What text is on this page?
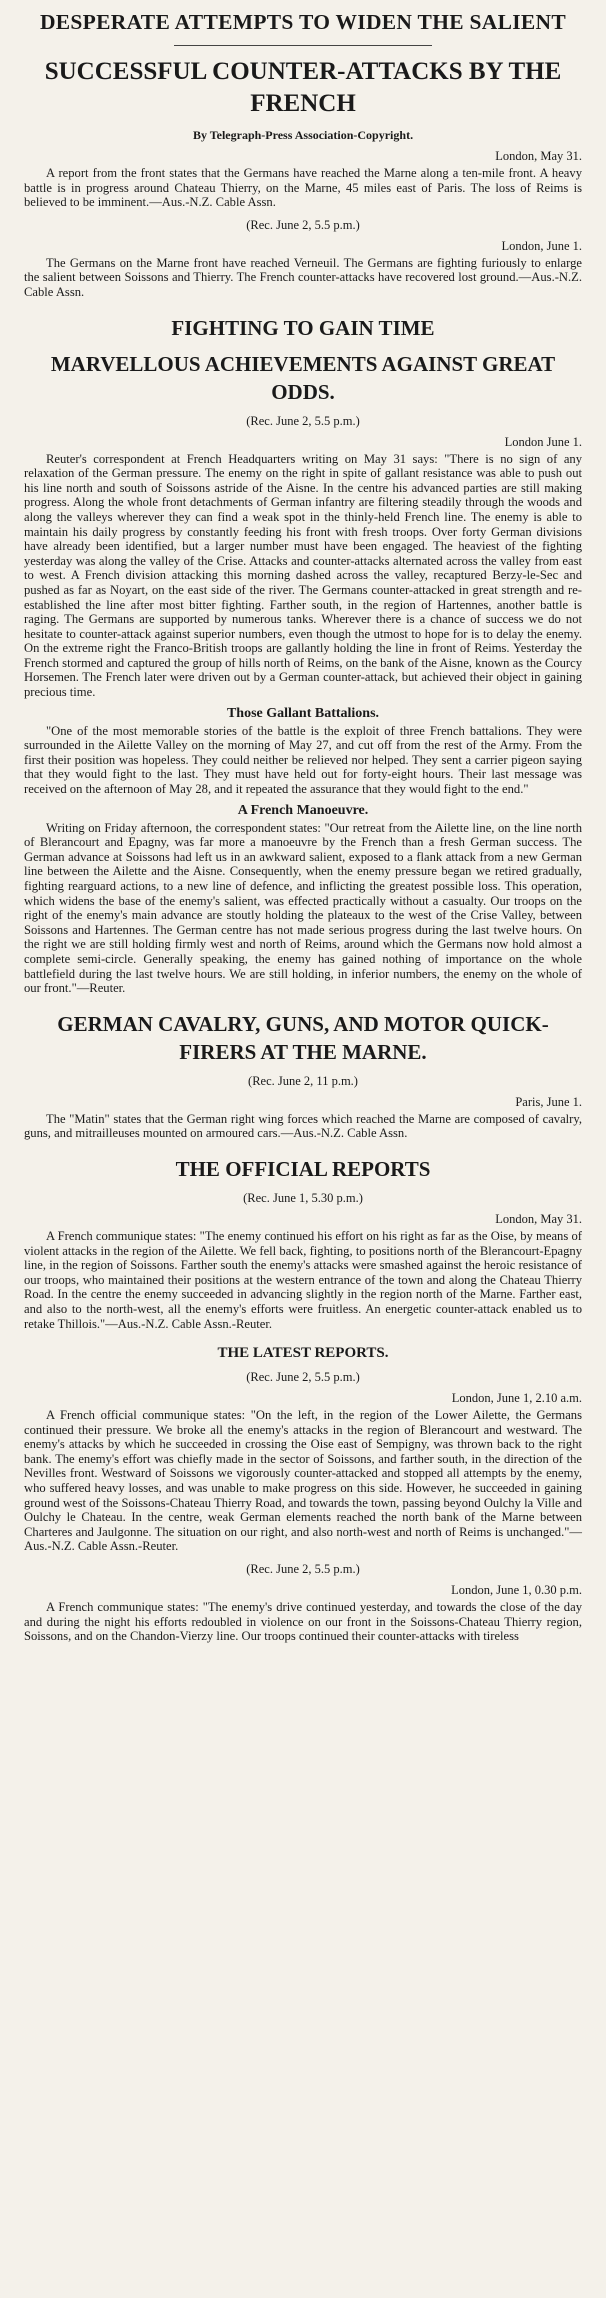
DESPERATE ATTEMPTS TO WIDEN THE SALIENT
SUCCESSFUL COUNTER-ATTACKS BY THE FRENCH
By Telegraph-Press Association-Copyright.
London, May 31.

A report from the front states that the Germans have reached the Marne along a ten-mile front. A heavy battle is in progress around Chateau Thierry, on the Marne, 45 miles east of Paris. The loss of Reims is believed to be imminent.—Aus.-N.Z. Cable Assn.

(Rec. June 2, 5.5 p.m.)
London, June 1.

The Germans on the Marne front have reached Verneuil. The Germans are fighting furiously to enlarge the salient between Soissons and Thierry. The French counter-attacks have recovered lost ground.—Aus.-N.Z. Cable Assn.

FIGHTING TO GAIN TIME
MARVELLOUS ACHIEVEMENTS AGAINST GREAT ODDS.
(Rec. June 2, 5.5 p.m.)
London June 1.

Reuter's correspondent at French Headquarters writing on May 31 says: "There is no sign of any relaxation of the German pressure. The enemy on the right in spite of gallant resistance was able to push out his line north and south of Soissons astride of the Aisne. In the centre his advanced parties are still making progress. Along the whole front detachments of German infantry are filtering steadily through the woods and along the valleys wherever they can find a weak spot in the thinly-held French line. The enemy is able to maintain his daily progress by constantly feeding his front with fresh troops. Over forty German divisions have already been identified, but a larger number must have been engaged. The heaviest of the fighting yesterday was along the valley of the Crise. Attacks and counter-attacks alternated across the valley from east to west. A French division attacking this morning dashed across the valley, recaptured Berzy-le-Sec and pushed as far as Noyart, on the east side of the river. The Germans counter-attacked in great strength and re-established the line after most bitter fighting. Farther south, in the region of Hartennes, another battle is raging. The Germans are supported by numerous tanks. Wherever there is a chance of success we do not hesitate to counter-attack against superior numbers, even though the utmost to hope for is to delay the enemy. On the extreme right the Franco-British troops are gallantly holding the line in front of Reims. Yesterday the French stormed and captured the group of hills north of Reims, on the bank of the Aisne, known as the Courcy Horsemen. The French later were driven out by a German counter-attack, but achieved their object in gaining precious time.

Those Gallant Battalions.

"One of the most memorable stories of the battle is the exploit of three French battalions. They were surrounded in the Ailette Valley on the morning of May 27, and cut off from the rest of the Army. From the first their position was hopeless. They could neither be relieved nor helped. They sent a carrier pigeon saying that they would fight to the last. They must have held out for forty-eight hours. Their last message was received on the afternoon of May 28, and it repeated the assurance that they would fight to the end."

A French Manoeuvre.

Writing on Friday afternoon, the correspondent states: "Our retreat from the Ailette line, on the line north of Blerancourt and Epagny, was far more a manoeuvre by the French than a fresh German success. The German advance at Soissons had left us in an awkward salient, exposed to a flank attack from a new German line between the Ailette and the Aisne. Consequently, when the enemy pressure began we retired gradually, fighting rearguard actions, to a new line of defence, and inflicting the greatest possible loss. This operation, which widens the base of the enemy's salient, was effected practically without a casualty. Our troops on the right of the enemy's main advance are stoutly holding the plateaux to the west of the Crise Valley, between Soissons and Hartennes. The German centre has not made serious progress during the last twelve hours. On the right we are still holding firmly west and north of Reims, around which the Germans now hold almost a complete semi-circle. Generally speaking, the enemy has gained nothing of importance on the whole battlefield during the last twelve hours. We are still holding, in inferior numbers, the enemy on the whole of our front."—Reuter.

GERMAN CAVALRY, GUNS, AND MOTOR QUICK-FIRERS AT THE MARNE.
(Rec. June 2, 11 p.m.)
Paris, June 1.

The "Matin" states that the German right wing forces which reached the Marne are composed of cavalry, guns, and mitrailleuses mounted on armoured cars.—Aus.-N.Z. Cable Assn.

THE OFFICIAL REPORTS
(Rec. June 1, 5.30 p.m.)
London, May 31.

A French communique states: "The enemy continued his effort on his right as far as the Oise, by means of violent attacks in the region of the Ailette. We fell back, fighting, to positions north of the Blerancourt-Epagny line, in the region of Soissons. Farther south the enemy's attacks were smashed against the heroic resistance of our troops, who maintained their positions at the western entrance of the town and along the Chateau Thierry Road. In the centre the enemy succeeded in advancing slightly in the region north of the Marne. Farther east, and also to the north-west, all the enemy's efforts were fruitless. An energetic counter-attack enabled us to retake Thillois."—Aus.-N.Z. Cable Assn.-Reuter.

THE LATEST REPORTS.
(Rec. June 2, 5.5 p.m.)
London, June 1, 2.10 a.m.

A French official communique states: "On the left, in the region of the Lower Ailette, the Germans continued their pressure. We broke all the enemy's attacks in the region of Blerancourt and westward. The enemy's attacks by which he succeeded in crossing the Oise east of Sempigny, was thrown back to the right bank. The enemy's effort was chiefly made in the sector of Soissons, and farther south, in the direction of the Nevilles front. Westward of Soissons we vigorously counter-attacked and stopped all attempts by the enemy, who suffered heavy losses, and was unable to make progress on this side. However, he succeeded in gaining ground west of the Soissons-Chateau Thierry Road, and towards the town, passing beyond Oulchy la Ville and Oulchy le Chateau. In the centre, weak German elements reached the north bank of the Marne between Charteres and Jaulgonne. The situation on our right, and also north-west and north of Reims is unchanged."—Aus.-N.Z. Cable Assn.-Reuter.

(Rec. June 2, 5.5 p.m.)
London, June 1, 0.30 p.m.

A French communique states: "The enemy's drive continued yesterday, and towards the close of the day and during the night his efforts redoubled in violence on our front in the Soissons-Chateau Thierry region, Soissons, and on the Chandon-Vierzy line. Our troops continued their counter-attacks with tireless
